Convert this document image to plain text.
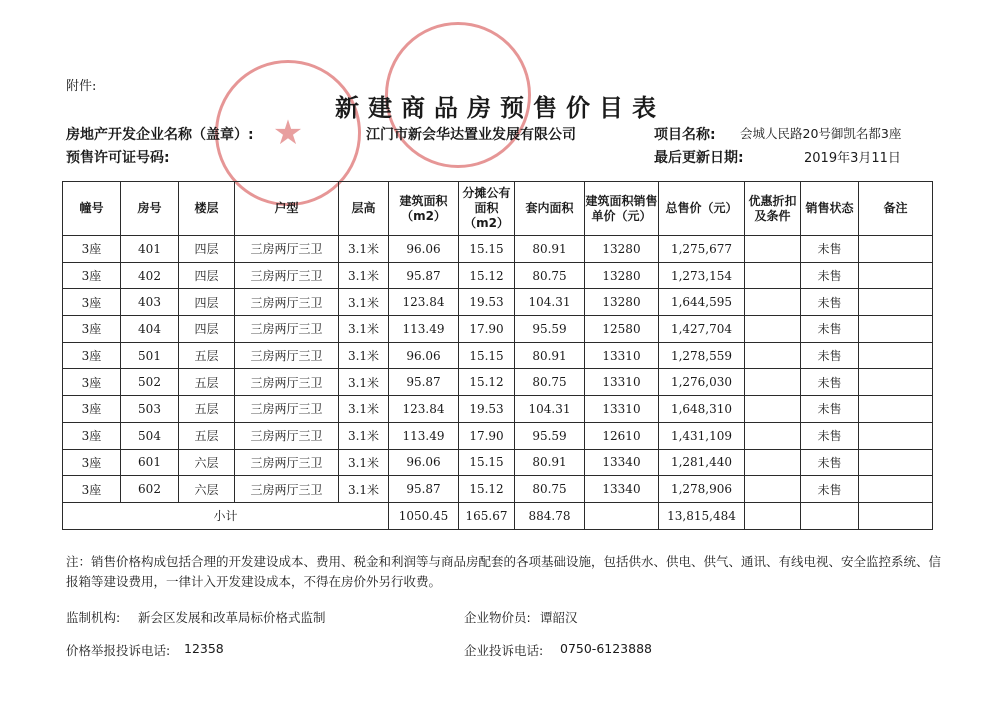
★
附件:
新建商品房预售价目表
房地产开发企业名称（盖章）:	江门市新会华达置业发展有限公司	项目名称: 会城人民路20号御凯名都3座
预售许可证号码:	最后更新日期:	2019年3月11日
幢号	房号	楼层	户型	层高	建筑面积（m2）	分摊公有面积（m2）	套内面积	建筑面积销售单价（元）	总售价（元）	优惠折扣及条件	销售状态	备注
3座	401	四层	三房两厅三卫	3.1米	96.06	15.15	80.91	13280	1,275,677		未售	
3座	402	四层	三房两厅三卫	3.1米	95.87	15.12	80.75	13280	1,273,154		未售	
3座	403	四层	三房两厅三卫	3.1米	123.84	19.53	104.31	13280	1,644,595		未售	
3座	404	四层	三房两厅三卫	3.1米	113.49	17.90	95.59	12580	1,427,704		未售	
3座	501	五层	三房两厅三卫	3.1米	96.06	15.15	80.91	13310	1,278,559		未售	
3座	502	五层	三房两厅三卫	3.1米	95.87	15.12	80.75	13310	1,276,030		未售	
3座	503	五层	三房两厅三卫	3.1米	123.84	19.53	104.31	13310	1,648,310		未售	
3座	504	五层	三房两厅三卫	3.1米	113.49	17.90	95.59	12610	1,431,109		未售	
3座	601	六层	三房两厅三卫	3.1米	96.06	15.15	80.91	13340	1,281,440		未售	
3座	602	六层	三房两厅三卫	3.1米	95.87	15.12	80.75	13340	1,278,906		未售	
小计					1050.45	165.67	884.78		13,815,484			
注：销售价格构成包括合理的开发建设成本、费用、税金和利润等与商品房配套的各项基础设施，包括供水、供电、供气、通讯、有线电视、安全监控系统、信报箱等建设费用，一律计入开发建设成本，不得在房价外另行收费。
监制机构: 新会区发展和改革局标价格式监制	企业物价员: 谭韶汉
价格举报投诉电话: 12358	企业投诉电话: 0750-6123888
